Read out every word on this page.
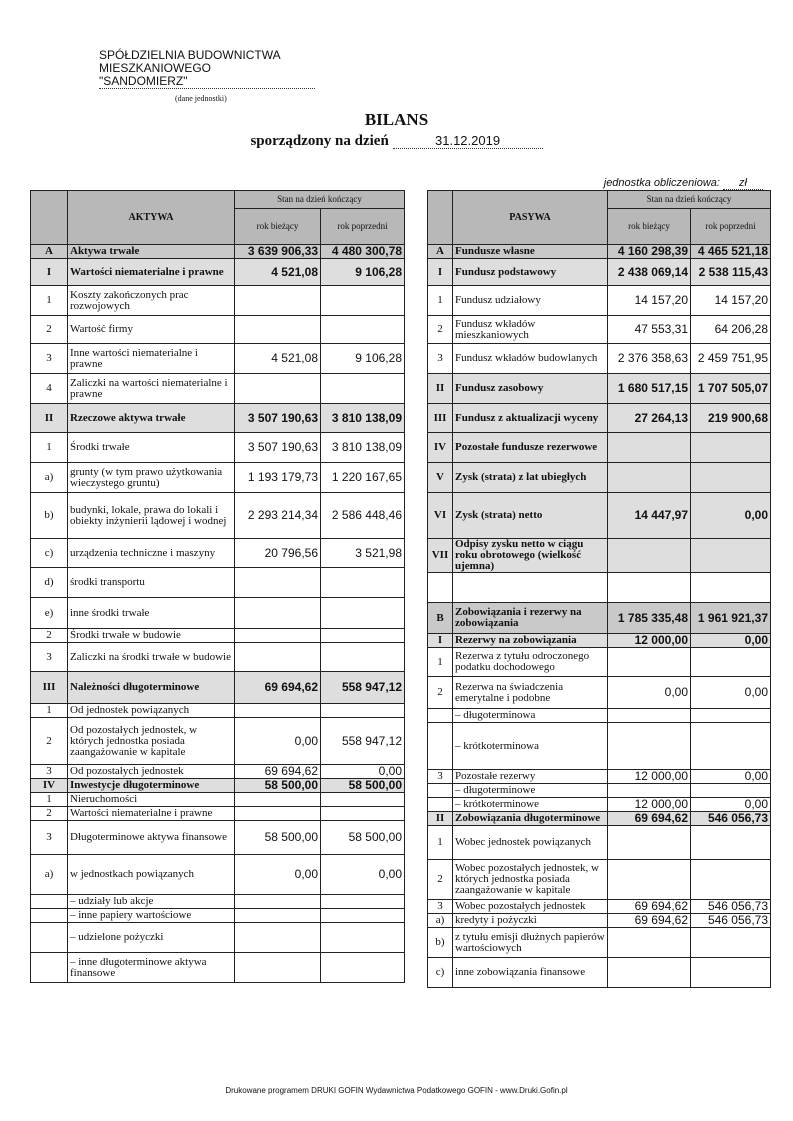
SPÓŁDZIELNIA BUDOWNICTWA
MIESZKANIOWEGO
"SANDOMIERZ"
(dane jednostki)
BILANS
sporządzony na dzień	31.12.2019
jednostka obliczeniowa: zł
	AKTYWA	Stan na dzień kończący	
		rok bieżący	rok poprzedni
A	Aktywa trwałe	3 639 906,33	4 480 300,78
I	Wartości niematerialne i prawne	4 521,08	9 106,28
1	Koszty zakończonych prac rozwojowych		
2	Wartość firmy		
3	Inne wartości niematerialne i prawne	4 521,08	9 106,28
4	Zaliczki na wartości niematerialne i prawne		
II	Rzeczowe aktywa trwałe	3 507 190,63	3 810 138,09
1	Środki trwałe	3 507 190,63	3 810 138,09
a)	grunty (w tym prawo użytkowania wieczystego gruntu)	1 193 179,73	1 220 167,65
b)	budynki, lokale, prawa do lokali i obiekty inżynierii lądowej i wodnej	2 293 214,34	2 586 448,46
c)	urządzenia techniczne i maszyny	20 796,56	3 521,98
d)	środki transportu		
e)	inne środki trwałe		
2	Środki trwałe w budowie		
3	Zaliczki na środki trwałe w budowie		
III	Należności długoterminowe	69 694,62	558 947,12
1	Od jednostek powiązanych		
2	Od pozostałych jednostek, w których jednostka posiada zaangażowanie w kapitale	0,00	558 947,12
3	Od pozostałych jednostek	69 694,62	0,00
IV	Inwestycje długoterminowe	58 500,00	58 500,00
1	Nieruchomości		
2	Wartości niematerialne i prawne		
3	Długoterminowe aktywa finansowe	58 500,00	58 500,00
a)	w jednostkach powiązanych	0,00	0,00
	– udziały lub akcje		
	– inne papiery wartościowe		
	– udzielone pożyczki		
	– inne długoterminowe aktywa finansowe		
	PASYWA	Stan na dzień kończący	
		rok bieżący	rok poprzedni
A	Fundusze własne	4 160 298,39	4 465 521,18
I	Fundusz podstawowy	2 438 069,14	2 538 115,43
1	Fundusz udziałowy	14 157,20	14 157,20
2	Fundusz wkładów mieszkaniowych	47 553,31	64 206,28
3	Fundusz wkładów budowlanych	2 376 358,63	2 459 751,95
II	Fundusz zasobowy	1 680 517,15	1 707 505,07
III	Fundusz z aktualizacji wyceny	27 264,13	219 900,68
IV	Pozostałe fundusze rezerwowe		
V	Zysk (strata) z lat ubiegłych		
VI	Zysk (strata) netto	14 447,97	0,00
VII	Odpisy zysku netto w ciągu roku obrotowego (wielkość ujemna)		

B	Zobowiązania i rezerwy na zobowiązania	1 785 335,48	1 961 921,37
I	Rezerwy na zobowiązania	12 000,00	0,00
1	Rezerwa z tytułu odroczonego podatku dochodowego		
2	Rezerwa na świadczenia emerytalne i podobne	0,00	0,00
	– długoterminowa		
	– krótkoterminowa		
3	Pozostałe rezerwy	12 000,00	0,00
	– długoterminowe		
	– krótkoterminowe	12 000,00	0,00
II	Zobowiązania długoterminowe	69 694,62	546 056,73
1	Wobec jednostek powiązanych		
2	Wobec pozostałych jednostek, w których jednostka posiada zaangażowanie w kapitale		
3	Wobec pozostałych jednostek	69 694,62	546 056,73
a)	kredyty i pożyczki	69 694,62	546 056,73
b)	z tytułu emisji dłużnych papierów wartościowych		
c)	inne zobowiązania finansowe		
Drukowane programem DRUKI GOFIN Wydawnictwa Podatkowego GOFIN - www.Druki.Gofin.pl
